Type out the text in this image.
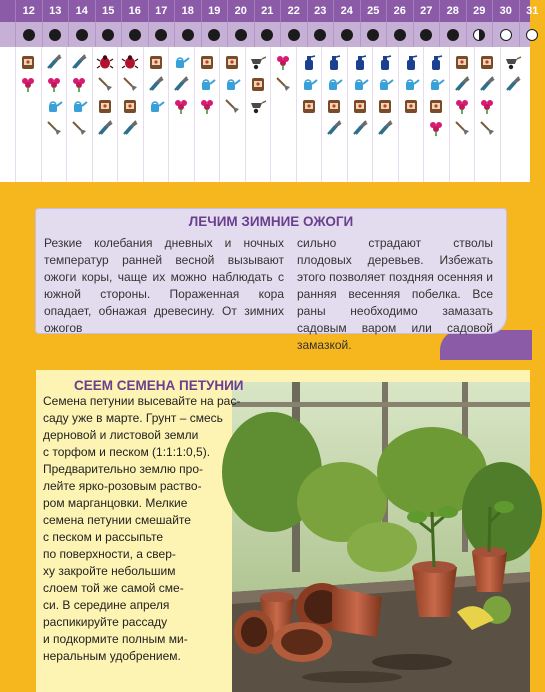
12 13 14 15 16 17 18 19 20 21 22 23 24 25 26 27 28 29 30 31
ЛЕЧИМ ЗИМНИЕ ОЖОГИ
Резкие колебания дневных и ночных температур ранней весной вызывают ожоги коры, чаще их можно наблюдать с южной стороны. Пораженная кора опадает, обнажая древесину. От зимних ожогов
сильно страдают стволы плодовых деревьев. Избежать этого позволяет поздняя осенняя и ранняя весенняя побелка. Все раны необходимо замазать садовым варом или садовой замазкой.
СЕЕМ СЕМЕНА ПЕТУНИИ
Семена петунии высевайте на рас-
саду уже в марте. Грунт – смесь
дерновой и листовой земли
с торфом и песком (1:1:1:0,5).
Предварительно землю про-
лейте ярко-розовым раство-
ром марганцовки. Мелкие
семена петунии смешайте
с песком и рассыпьте
по поверхности, а свер-
ху закройте небольшим
слоем той же самой сме-
си. В середине апреля
распикируйте рассаду
и подкормите полным ми-
неральным удобрением.
